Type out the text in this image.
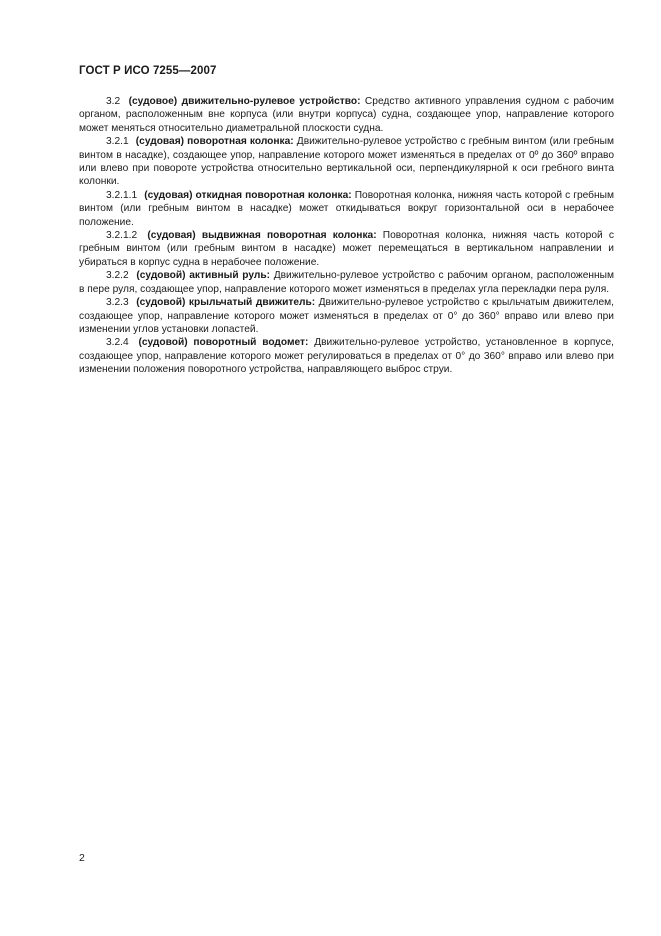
ГОСТ Р ИСО 7255—2007

3.2 (судовое) движительно-рулевое устройство: Средство активного управления судном с рабочим органом, расположенным вне корпуса (или внутри корпуса) судна, создающее упор, направление которого может меняться относительно диаметральной плоскости судна.

3.2.1 (судовая) поворотная колонка: Движительно-рулевое устройство с гребным винтом (или гребным винтом в насадке), создающее упор, направление которого может изменяться в пределах от 0º до 360º вправо или влево при повороте устройства относительно вертикальной оси, перпендикулярной к оси гребного винта колонки.

3.2.1.1 (судовая) откидная поворотная колонка: Поворотная колонка, нижняя часть которой с гребным винтом (или гребным винтом в насадке) может откидываться вокруг горизонтальной оси в нерабочее положение.

3.2.1.2 (судовая) выдвижная поворотная колонка: Поворотная колонка, нижняя часть которой с гребным винтом (или гребным винтом в насадке) может перемещаться в вертикальном направлении и убираться в корпус судна в нерабочее положение.

3.2.2 (судовой) активный руль: Движительно-рулевое устройство с рабочим органом, расположенным в пере руля, создающее упор, направление которого может изменяться в пределах угла перекладки пера руля.

3.2.3 (судовой) крыльчатый движитель: Движительно-рулевое устройство с крыльчатым движителем, создающее упор, направление которого может изменяться в пределах от 0° до 360° вправо или влево при изменении углов установки лопастей.

3.2.4 (судовой) поворотный водомет: Движительно-рулевое устройство, установленное в корпусе, создающее упор, направление которого может регулироваться в пределах от 0° до 360° вправо или влево при изменении положения поворотного устройства, направляющего выброс струи.

2
